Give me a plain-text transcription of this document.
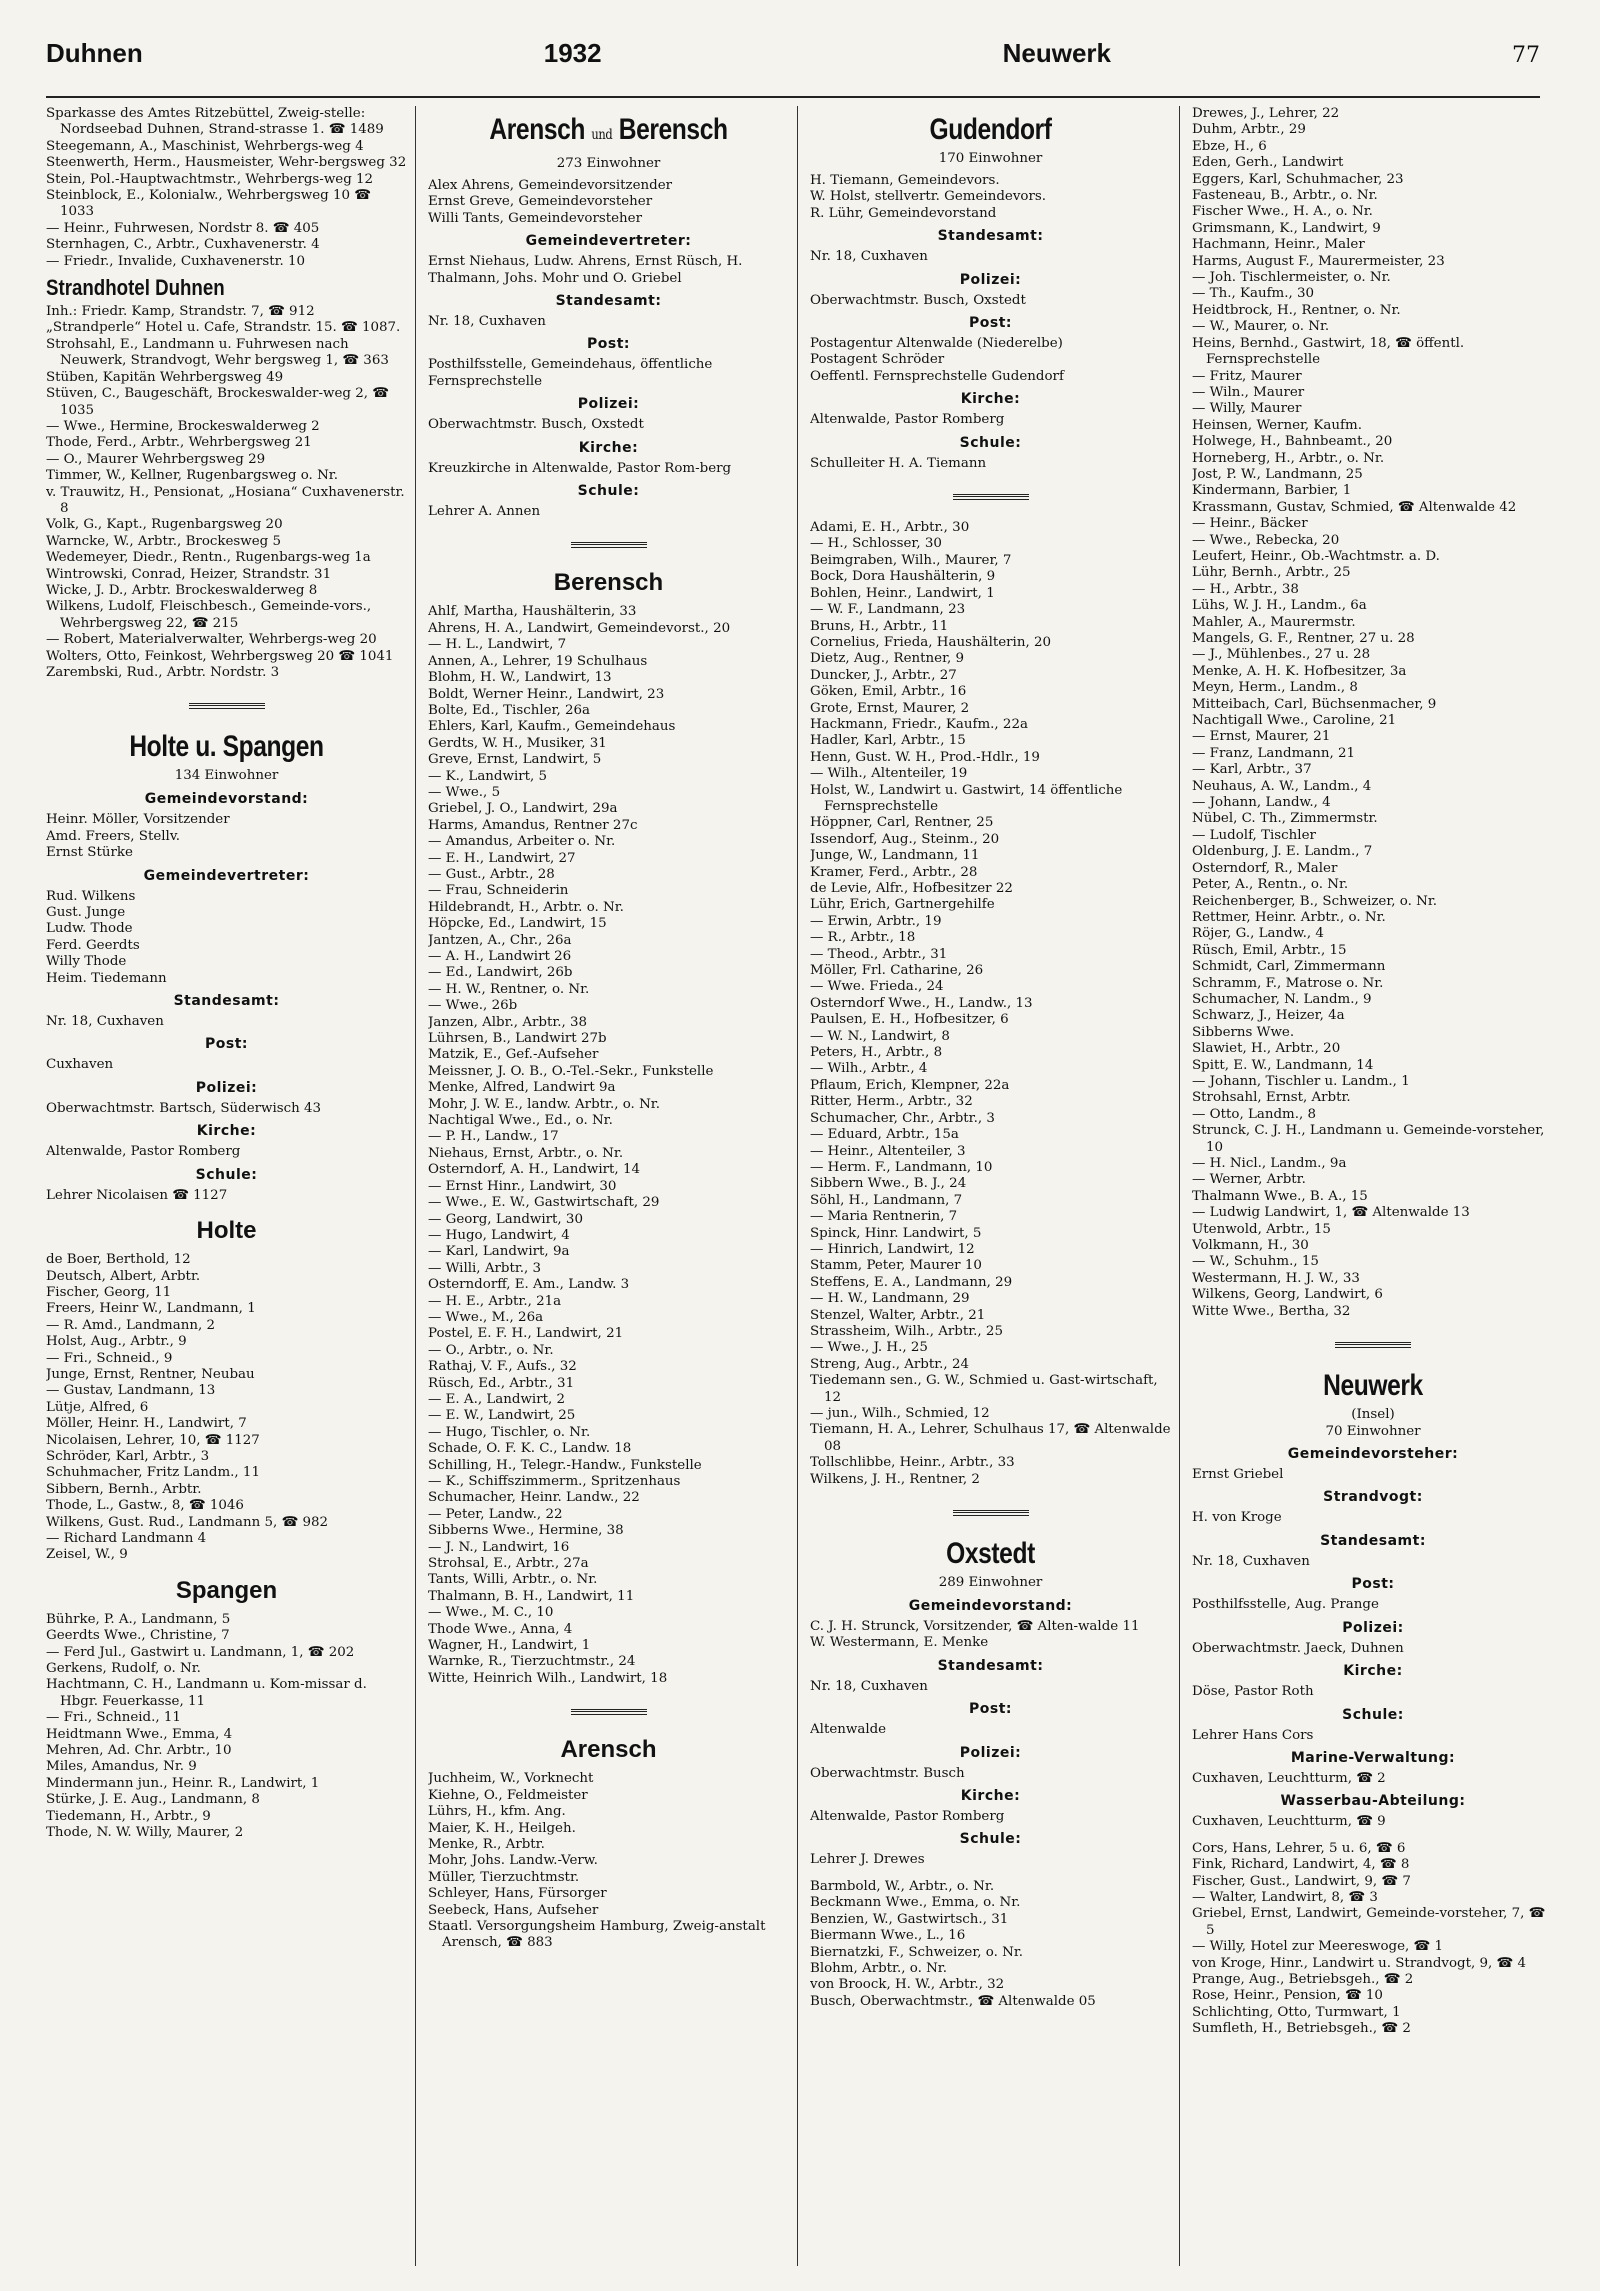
Duhnen	1932	Neuwerk	77

Sparkasse des Amtes Ritzebüttel, Zweig-stelle: Nordseebad Duhnen, Strand-strasse 1. ☎ 1489

Steegemann, A., Maschinist, Wehrbergs-weg 4

Steenwerth, Herm., Hausmeister, Wehr-bergsweg 32

Stein, Pol.-Hauptwachtmstr., Wehrbergs-weg 12

Steinblock, E., Kolonialw., Wehrbergsweg 10 ☎ 1033

— Heinr., Fuhrwesen, Nordstr 8. ☎ 405

Sternhagen, C., Arbtr., Cuxhavenerstr. 4

— Friedr., Invalide, Cuxhavenerstr. 10

Strandhotel Duhnen

Inh.: Friedr. Kamp, Strandstr. 7, ☎ 912

„Strandperle“ Hotel u. Cafe, Strandstr. 15. ☎ 1087.

Strohsahl, E., Landmann u. Fuhrwesen nach Neuwerk, Strandvogt, Wehr bergsweg 1, ☎ 363

Stüben, Kapitän Wehrbergsweg 49

Stüven, C., Baugeschäft, Brockeswalder-weg 2, ☎ 1035

— Wwe., Hermine, Brockeswalderweg 2

Thode, Ferd., Arbtr., Wehrbergsweg 21

— O., Maurer Wehrbergsweg 29

Timmer, W., Kellner, Rugenbargsweg o. Nr.

v. Trauwitz, H., Pensionat, „Hosiana“ Cuxhavenerstr. 8

Volk, G., Kapt., Rugenbargsweg 20

Warncke, W., Arbtr., Brockesweg 5

Wedemeyer, Diedr., Rentn., Rugenbargs-weg 1a

Wintrowski, Conrad, Heizer, Strandstr. 31

Wicke, J. D., Arbtr. Brockeswalderweg 8

Wilkens, Ludolf, Fleischbesch., Gemeinde-vors., Wehrbergsweg 22, ☎ 215

— Robert, Materialverwalter, Wehrbergs-weg 20

Wolters, Otto, Feinkost, Wehrbergsweg 20 ☎ 1041

Zarembski, Rud., Arbtr. Nordstr. 3

Holte u. Spangen
134 Einwohner
Gemeindevorstand:

Heinr. Möller, Vorsitzender

Amd. Freers, Stellv.

Ernst Stürke

Gemeindevertreter:

Rud. Wilkens

Gust. Junge

Ludw. Thode

Ferd. Geerdts

Willy Thode

Heim. Tiedemann

Standesamt:

Nr. 18, Cuxhaven

Post:

Cuxhaven

Polizei:

Oberwachtmstr. Bartsch, Süderwisch 43

Kirche:

Altenwalde, Pastor Romberg

Schule:

Lehrer Nicolaisen ☎ 1127

Holte

de Boer, Berthold, 12

Deutsch, Albert, Arbtr.

Fischer, Georg, 11

Freers, Heinr W., Landmann, 1

— R. Amd., Landmann, 2

Holst, Aug., Arbtr., 9

— Fri., Schneid., 9

Junge, Ernst, Rentner, Neubau

— Gustav, Landmann, 13

Lütje, Alfred, 6

Möller, Heinr. H., Landwirt, 7

Nicolaisen, Lehrer, 10, ☎ 1127

Schröder, Karl, Arbtr., 3

Schuhmacher, Fritz Landm., 11

Sibbern, Bernh., Arbtr.

Thode, L., Gastw., 8, ☎ 1046

Wilkens, Gust. Rud., Landmann 5, ☎ 982

— Richard Landmann 4

Zeisel, W., 9

Spangen

Bührke, P. A., Landmann, 5

Geerdts Wwe., Christine, 7

— Ferd Jul., Gastwirt u. Landmann, 1, ☎ 202

Gerkens, Rudolf, o. Nr.

Hachtmann, C. H., Landmann u. Kom-missar d. Hbgr. Feuerkasse, 11

— Fri., Schneid., 11

Heidtmann Wwe., Emma, 4

Mehren, Ad. Chr. Arbtr., 10

Miles, Amandus, Nr. 9

Mindermann jun., Heinr. R., Landwirt, 1

Stürke, J. E. Aug., Landmann, 8

Tiedemann, H., Arbtr., 9

Thode, N. W. Willy, Maurer, 2

Arensch und Berensch
273 Einwohner

Alex Ahrens, Gemeindevorsitzender

Ernst Greve, Gemeindevorsteher

Willi Tants, Gemeindevorsteher

Gemeindevertreter:

Ernst Niehaus, Ludw. Ahrens, Ernst Rüsch, H. Thalmann, Johs. Mohr und O. Griebel

Standesamt:

Nr. 18, Cuxhaven

Post:

Posthilfsstelle, Gemeindehaus, öffentliche Fernsprechstelle

Polizei:

Oberwachtmstr. Busch, Oxstedt

Kirche:

Kreuzkirche in Altenwalde, Pastor Rom-berg

Schule:

Lehrer A. Annen

Berensch

Ahlf, Martha, Haushälterin, 33

Ahrens, H. A., Landwirt, Gemeindevorst., 20

— H. L., Landwirt, 7

Annen, A., Lehrer, 19 Schulhaus

Blohm, H. W., Landwirt, 13

Boldt, Werner Heinr., Landwirt, 23

Bolte, Ed., Tischler, 26a

Ehlers, Karl, Kaufm., Gemeindehaus

Gerdts, W. H., Musiker, 31

Greve, Ernst, Landwirt, 5

— K., Landwirt, 5

— Wwe., 5

Griebel, J. O., Landwirt, 29a

Harms, Amandus, Rentner 27c

— Amandus, Arbeiter o. Nr.

— E. H., Landwirt, 27

— Gust., Arbtr., 28

— Frau, Schneiderin

Hildebrandt, H., Arbtr. o. Nr.

Höpcke, Ed., Landwirt, 15

Jantzen, A., Chr., 26a

— A. H., Landwirt 26

— Ed., Landwirt, 26b

— H. W., Rentner, o. Nr.

— Wwe., 26b

Janzen, Albr., Arbtr., 38

Lührsen, B., Landwirt 27b

Matzik, E., Gef.-Aufseher

Meissner, J. O. B., O.-Tel.-Sekr., Funkstelle

Menke, Alfred, Landwirt 9a

Mohr, J. W. E., landw. Arbtr., o. Nr.

Nachtigal Wwe., Ed., o. Nr.

— P. H., Landw., 17

Niehaus, Ernst, Arbtr., o. Nr.

Osterndorf, A. H., Landwirt, 14

— Ernst Hinr., Landwirt, 30

— Wwe., E. W., Gastwirtschaft, 29

— Georg, Landwirt, 30

— Hugo, Landwirt, 4

— Karl, Landwirt, 9a

— Willi, Arbtr., 3

Osterndorff, E. Am., Landw. 3

— H. E., Arbtr., 21a

— Wwe., M., 26a

Postel, E. F. H., Landwirt, 21

— O., Arbtr., o. Nr.

Rathaj, V. F., Aufs., 32

Rüsch, Ed., Arbtr., 31

— E. A., Landwirt, 2

— E. W., Landwirt, 25

— Hugo, Tischler, o. Nr.

Schade, O. F. K. C., Landw. 18

Schilling, H., Telegr.-Handw., Funkstelle

— K., Schiffszimmerm., Spritzenhaus

Schumacher, Heinr. Landw., 22

— Peter, Landw., 22

Sibberns Wwe., Hermine, 38

— J. N., Landwirt, 16

Strohsal, E., Arbtr., 27a

Tants, Willi, Arbtr., o. Nr.

Thalmann, B. H., Landwirt, 11

— Wwe., M. C., 10

Thode Wwe., Anna, 4

Wagner, H., Landwirt, 1

Warnke, R., Tierzuchtmstr., 24

Witte, Heinrich Wilh., Landwirt, 18

Arensch

Juchheim, W., Vorknecht

Kiehne, O., Feldmeister

Lührs, H., kfm. Ang.

Maier, K. H., Heilgeh.

Menke, R., Arbtr.

Mohr, Johs. Landw.-Verw.

Müller, Tierzuchtmstr.

Schleyer, Hans, Fürsorger

Seebeck, Hans, Aufseher

Staatl. Versorgungsheim Hamburg, Zweig-anstalt Arensch, ☎ 883

Gudendorf
170 Einwohner

H. Tiemann, Gemeindevors.

W. Holst, stellvertr. Gemeindevors.

R. Lühr, Gemeindevorstand

Standesamt:

Nr. 18, Cuxhaven

Polizei:

Oberwachtmstr. Busch, Oxstedt

Post:

Postagentur Altenwalde (Niederelbe)

Postagent Schröder

Oeffentl. Fernsprechstelle Gudendorf

Kirche:

Altenwalde, Pastor Romberg

Schule:

Schulleiter H. A. Tiemann

Adami, E. H., Arbtr., 30

— H., Schlosser, 30

Beimgraben, Wilh., Maurer, 7

Bock, Dora Haushälterin, 9

Bohlen, Heinr., Landwirt, 1

— W. F., Landmann, 23

Bruns, H., Arbtr., 11

Cornelius, Frieda, Haushälterin, 20

Dietz, Aug., Rentner, 9

Duncker, J., Arbtr., 27

Göken, Emil, Arbtr., 16

Grote, Ernst, Maurer, 2

Hackmann, Friedr., Kaufm., 22a

Hadler, Karl, Arbtr., 15

Henn, Gust. W. H., Prod.-Hdlr., 19

— Wilh., Altenteiler, 19

Holst, W., Landwirt u. Gastwirt, 14 öffentliche Fernsprechstelle

Höppner, Carl, Rentner, 25

Issendorf, Aug., Steinm., 20

Junge, W., Landmann, 11

Kramer, Ferd., Arbtr., 28

de Levie, Alfr., Hofbesitzer 22

Lühr, Erich, Gartnergehilfe

— Erwin, Arbtr., 19

— R., Arbtr., 18

— Theod., Arbtr., 31

Möller, Frl. Catharine, 26

— Wwe. Frieda., 24

Osterndorf Wwe., H., Landw., 13

Paulsen, E. H., Hofbesitzer, 6

— W. N., Landwirt, 8

Peters, H., Arbtr., 8

— Wilh., Arbtr., 4

Pflaum, Erich, Klempner, 22a

Ritter, Herm., Arbtr., 32

Schumacher, Chr., Arbtr., 3

— Eduard, Arbtr., 15a

— Heinr., Altenteiler, 3

— Herm. F., Landmann, 10

Sibbern Wwe., B. J., 24

Söhl, H., Landmann, 7

— Maria Rentnerin, 7

Spinck, Hinr. Landwirt, 5

— Hinrich, Landwirt, 12

Stamm, Peter, Maurer 10

Steffens, E. A., Landmann, 29

— H. W., Landmann, 29

Stenzel, Walter, Arbtr., 21

Strassheim, Wilh., Arbtr., 25

— Wwe., J. H., 25

Streng, Aug., Arbtr., 24

Tiedemann sen., G. W., Schmied u. Gast-wirtschaft, 12

— jun., Wilh., Schmied, 12

Tiemann, H. A., Lehrer, Schulhaus 17, ☎ Altenwalde 08

Tollschlibbe, Heinr., Arbtr., 33

Wilkens, J. H., Rentner, 2

Oxstedt
289 Einwohner
Gemeindevorstand:

C. J. H. Strunck, Vorsitzender, ☎ Alten-walde 11

W. Westermann, E. Menke

Standesamt:

Nr. 18, Cuxhaven

Post:

Altenwalde

Polizei:

Oberwachtmstr. Busch

Kirche:

Altenwalde, Pastor Romberg

Schule:

Lehrer J. Drewes

Barmbold, W., Arbtr., o. Nr.

Beckmann Wwe., Emma, o. Nr.

Benzien, W., Gastwirtsch., 31

Biermann Wwe., L., 16

Biernatzki, F., Schweizer, o. Nr.

Blohm, Arbtr., o. Nr.

von Broock, H. W., Arbtr., 32

Busch, Oberwachtmstr., ☎ Altenwalde 05

Drewes, J., Lehrer, 22

Duhm, Arbtr., 29

Ebze, H., 6

Eden, Gerh., Landwirt

Eggers, Karl, Schuhmacher, 23

Fasteneau, B., Arbtr., o. Nr.

Fischer Wwe., H. A., o. Nr.

Grimsmann, K., Landwirt, 9

Hachmann, Heinr., Maler

Harms, August F., Maurermeister, 23

— Joh. Tischlermeister, o. Nr.

— Th., Kaufm., 30

Heidtbrock, H., Rentner, o. Nr.

— W., Maurer, o. Nr.

Heins, Bernhd., Gastwirt, 18, ☎ öffentl. Fernsprechstelle

— Fritz, Maurer

— Wiln., Maurer

— Willy, Maurer

Heinsen, Werner, Kaufm.

Holwege, H., Bahnbeamt., 20

Horneberg, H., Arbtr., o. Nr.

Jost, P. W., Landmann, 25

Kindermann, Barbier, 1

Krassmann, Gustav, Schmied, ☎ Altenwalde 42

— Heinr., Bäcker

— Wwe., Rebecka, 20

Leufert, Heinr., Ob.-Wachtmstr. a. D.

Lühr, Bernh., Arbtr., 25

— H., Arbtr., 38

Lühs, W. J. H., Landm., 6a

Mahler, A., Maurermstr.

Mangels, G. F., Rentner, 27 u. 28

— J., Mühlenbes., 27 u. 28

Menke, A. H. K. Hofbesitzer, 3a

Meyn, Herm., Landm., 8

Mitteibach, Carl, Büchsenmacher, 9

Nachtigall Wwe., Caroline, 21

— Ernst, Maurer, 21

— Franz, Landmann, 21

— Karl, Arbtr., 37

Neuhaus, A. W., Landm., 4

— Johann, Landw., 4

Nübel, C. Th., Zimmermstr.

— Ludolf, Tischler

Oldenburg, J. E. Landm., 7

Osterndorf, R., Maler

Peter, A., Rentn., o. Nr.

Reichenberger, B., Schweizer, o. Nr.

Rettmer, Heinr. Arbtr., o. Nr.

Röjer, G., Landw., 4

Rüsch, Emil, Arbtr., 15

Schmidt, Carl, Zimmermann

Schramm, F., Matrose o. Nr.

Schumacher, N. Landm., 9

Schwarz, J., Heizer, 4a

Sibberns Wwe.

Slawiet, H., Arbtr., 20

Spitt, E. W., Landmann, 14

— Johann, Tischler u. Landm., 1

Strohsahl, Ernst, Arbtr.

— Otto, Landm., 8

Strunck, C. J. H., Landmann u. Gemeinde-vorsteher, 10

— H. Nicl., Landm., 9a

— Werner, Arbtr.

Thalmann Wwe., B. A., 15

— Ludwig Landwirt, 1, ☎ Altenwalde 13

Utenwold, Arbtr., 15

Volkmann, H., 30

— W., Schuhm., 15

Westermann, H. J. W., 33

Wilkens, Georg, Landwirt, 6

Witte Wwe., Bertha, 32

Neuwerk
(Insel)
70 Einwohner
Gemeindevorsteher:

Ernst Griebel

Strandvogt:

H. von Kroge

Standesamt:

Nr. 18, Cuxhaven

Post:

Posthilfsstelle, Aug. Prange

Polizei:

Oberwachtmstr. Jaeck, Duhnen

Kirche:

Döse, Pastor Roth

Schule:

Lehrer Hans Cors

Marine-Verwaltung:

Cuxhaven, Leuchtturm, ☎ 2

Wasserbau-Abteilung:

Cuxhaven, Leuchtturm, ☎ 9

Cors, Hans, Lehrer, 5 u. 6, ☎ 6

Fink, Richard, Landwirt, 4, ☎ 8

Fischer, Gust., Landwirt, 9, ☎ 7

— Walter, Landwirt, 8, ☎ 3

Griebel, Ernst, Landwirt, Gemeinde-vorsteher, 7, ☎ 5

— Willy, Hotel zur Meereswoge, ☎ 1

von Kroge, Hinr., Landwirt u. Strandvogt, 9, ☎ 4

Prange, Aug., Betriebsgeh., ☎ 2

Rose, Heinr., Pension, ☎ 10

Schlichting, Otto, Turmwart, 1

Sumfleth, H., Betriebsgeh., ☎ 2
